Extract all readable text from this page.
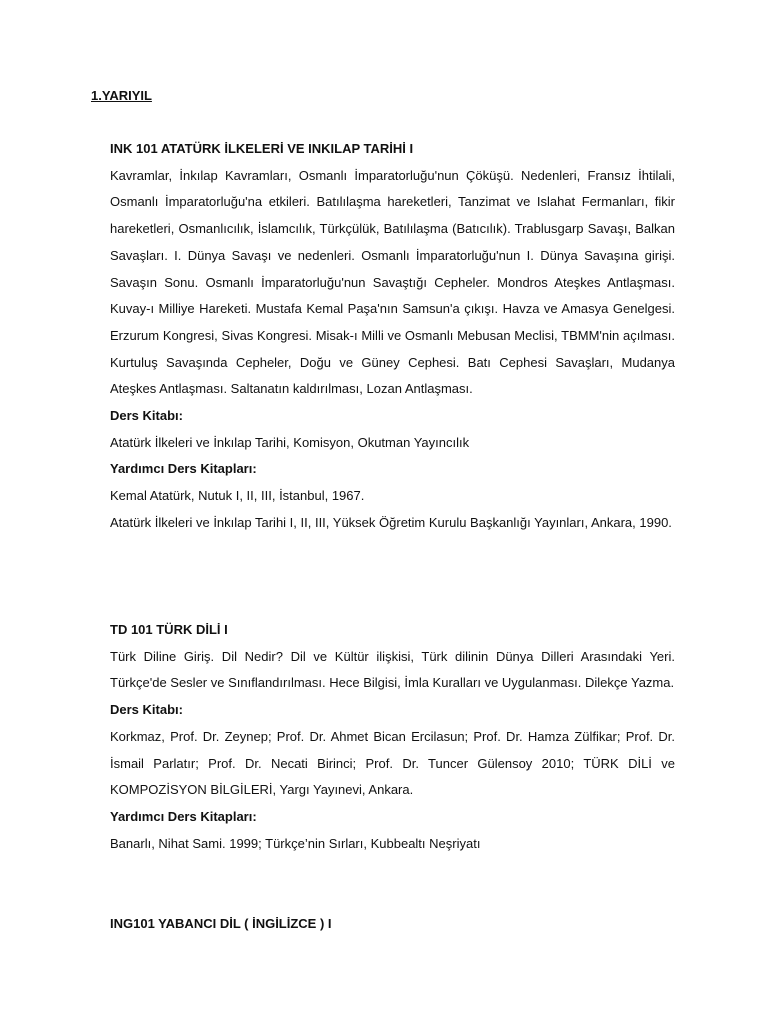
1.YARIYIL
INK 101 ATATÜRK İLKELERİ VE INKILAP TARİHİ I

Kavramlar, İnkılap Kavramları, Osmanlı İmparatorluğu'nun Çöküşü. Nedenleri, Fransız İhtilali, Osmanlı İmparatorluğu'na etkileri. Batılılaşma hareketleri, Tanzimat ve Islahat Fermanları, fikir hareketleri, Osmanlıcılık, İslamcılık, Türkçülük, Batılılaşma (Batıcılık). Trablusgarp Savaşı, Balkan Savaşları. I. Dünya Savaşı ve nedenleri. Osmanlı İmparatorluğu'nun I. Dünya Savaşına girişi. Savaşın Sonu. Osmanlı İmparatorluğu'nun Savaştığı Cepheler. Mondros Ateşkes Antlaşması. Kuvay-ı Milliye Hareketi. Mustafa Kemal Paşa'nın Samsun'a çıkışı. Havza ve Amasya Genelgesi. Erzurum Kongresi, Sivas Kongresi. Misak-ı Milli ve Osmanlı Mebusan Meclisi, TBMM'nin açılması. Kurtuluş Savaşında Cepheler, Doğu ve Güney Cephesi. Batı Cephesi Savaşları, Mudanya Ateşkes Antlaşması. Saltanatın kaldırılması, Lozan Antlaşması.

Ders Kitabı:
Atatürk İlkeleri ve İnkılap Tarihi, Komisyon, Okutman Yayıncılık
Yardımcı Ders Kitapları:
Kemal Atatürk, Nutuk I, II, III, İstanbul, 1967.

Atatürk İlkeleri ve İnkılap Tarihi I, II, III, Yüksek Öğretim Kurulu Başkanlığı Yayınları, Ankara, 1990.

TD 101 TÜRK DİLİ I

Türk Diline Giriş. Dil Nedir? Dil ve Kültür ilişkisi, Türk dilinin Dünya Dilleri Arasındaki Yeri. Türkçe'de Sesler ve Sınıflandırılması. Hece Bilgisi, İmla Kuralları ve Uygulanması. Dilekçe Yazma.

Ders Kitabı:

Korkmaz, Prof. Dr. Zeynep; Prof. Dr. Ahmet Bican Ercilasun; Prof. Dr. Hamza Zülfikar; Prof. Dr. İsmail Parlatır; Prof. Dr. Necati Birinci; Prof. Dr. Tuncer Gülensoy 2010; TÜRK DİLİ ve KOMPOZİSYON BİLGİLERİ, Yargı Yayınevi, Ankara.

Yardımcı Ders Kitapları:
Banarlı, Nihat Sami. 1999; Türkçe’nin Sırları, Kubbealtı Neşriyatı
ING101 YABANCI DİL ( İNGİLİZCE ) I
